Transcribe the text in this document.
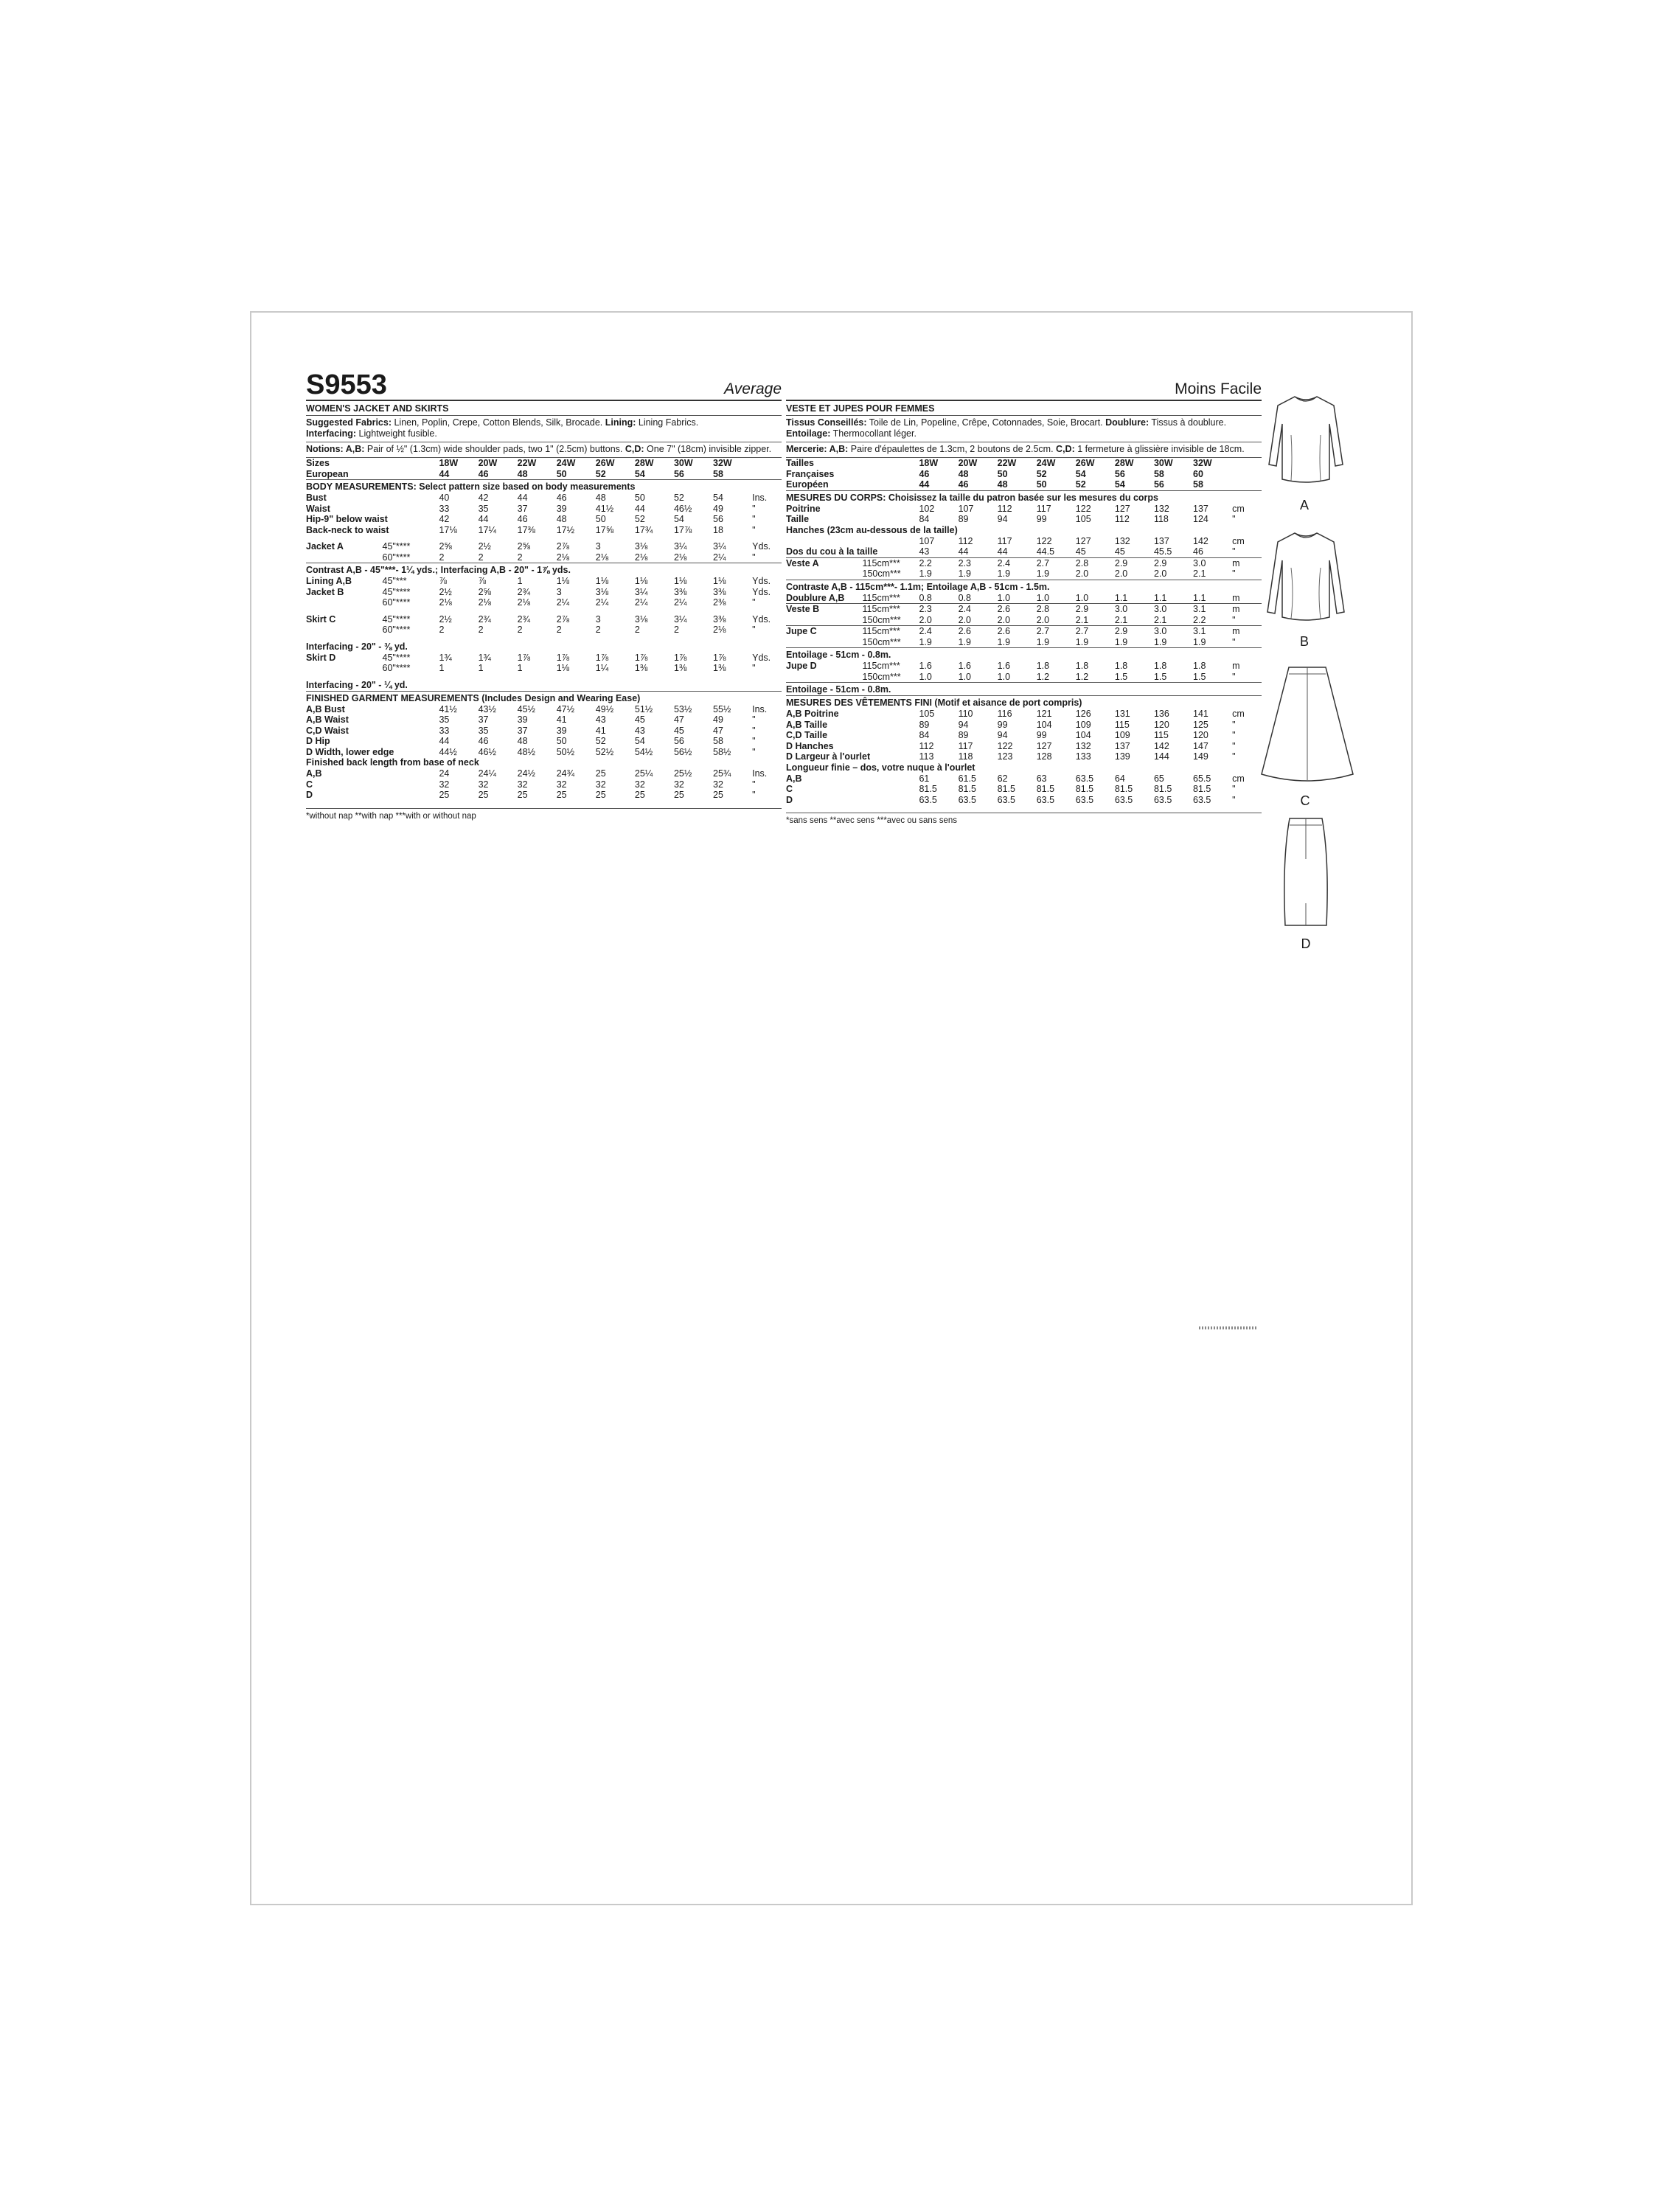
S9553	Average
WOMEN'S JACKET AND SKIRTS
Suggested Fabrics: Linen, Poplin, Crepe, Cotton Blends, Silk, Brocade. Lining: Lining Fabrics.
Interfacing: Lightweight fusible.
Notions: A,B: Pair of ½" (1.3cm) wide shoulder pads, two 1" (2.5cm) buttons. C,D: One 7" (18cm) invisible zipper.
Sizes	18W	20W	22W	24W	26W	28W	30W	32W	
European	44	46	48	50	52	54	56	58	
BODY MEASUREMENTS: Select pattern size based on body measurements
Bust	40	42	44	46	48	50	52	54	Ins.
Waist	33	35	37	39	41½	44	46½	49	"
Hip-9" below waist	42	44	46	48	50	52	54	56	"
Back-neck to waist	17⅛	17¼	17⅜	17½	17⅝	17¾	17⅞	18	"
Jacket A	45"****	2⅝	2½	2⅝	2⅞	3	3⅛	3¼	3¼	Yds.
	60"****	2	2	2	2⅛	2⅛	2⅛	2⅛	2¼	"
Contrast A,B - 45"***- 1¼ yds.; Interfacing A,B - 20" - 1⅞ yds.
Lining A,B	45"***	⅞	⅞	1	1⅛	1⅛	1⅛	1⅛	1⅛	Yds.
Jacket B	45"****	2½	2⅝	2¾	3	3⅛	3¼	3⅜	3⅜	Yds.
	60"****	2⅛	2⅛	2⅛	2¼	2¼	2¼	2¼	2⅜	"
Skirt C	45"****	2½	2¾	2¾	2⅞	3	3⅛	3¼	3⅜	Yds.
	60"****	2	2	2	2	2	2	2	2⅛	"
Interfacing - 20" - ⅜ yd.
Skirt D	45"****	1¾	1¾	1⅞	1⅞	1⅞	1⅞	1⅞	1⅞	Yds.
	60"****	1	1	1	1⅛	1¼	1⅜	1⅜	1⅜	"
Interfacing - 20" - ¼ yd.
FINISHED GARMENT MEASUREMENTS (Includes Design and Wearing Ease)
A,B Bust	41½	43½	45½	47½	49½	51½	53½	55½	Ins.
A,B Waist	35	37	39	41	43	45	47	49	"
C,D Waist	33	35	37	39	41	43	45	47	"
D Hip	44	46	48	50	52	54	56	58	"
D Width, lower edge	44½	46½	48½	50½	52½	54½	56½	58½	"
Finished back length from base of neck
A,B	24	24¼	24½	24¾	25	25¼	25½	25¾	Ins.
C	32	32	32	32	32	32	32	32	"
D	25	25	25	25	25	25	25	25	"
*without nap **with nap ***with or without nap
Moins Facile
VESTE ET JUPES POUR FEMMES
Tissus Conseillés: Toile de Lin, Popeline, Crêpe, Cotonnades, Soie, Brocart. Doublure: Tissus à doublure. Entoilage: Thermocollant léger.
Mercerie: A,B: Paire d'épaulettes de 1.3cm, 2 boutons de 2.5cm. C,D: 1 fermeture à glissière invisible de 18cm.
Tailles	18W	20W	22W	24W	26W	28W	30W	32W	
Françaises	46	48	50	52	54	56	58	60	
Européen	44	46	48	50	52	54	56	58	
MESURES DU CORPS: Choisissez la taille du patron basée sur les mesures du corps
Poitrine	102	107	112	117	122	127	132	137	cm
Taille	84	89	94	99	105	112	118	124	"
Hanches (23cm au-dessous de la taille)
	107	112	117	122	127	132	137	142	cm
Dos du cou à la taille	43	44	44	44.5	45	45	45.5	46	"
Veste A	115cm***	2.2	2.3	2.4	2.7	2.8	2.9	2.9	3.0	m
	150cm***	1.9	1.9	1.9	1.9	2.0	2.0	2.0	2.1	"
Contraste A,B - 115cm***- 1.1m; Entoilage A,B - 51cm - 1.5m.
Doublure A,B	115cm***	0.8	0.8	1.0	1.0	1.0	1.1	1.1	1.1	m
Veste B	115cm***	2.3	2.4	2.6	2.8	2.9	3.0	3.0	3.1	m
	150cm***	2.0	2.0	2.0	2.0	2.1	2.1	2.1	2.2	"
Jupe C	115cm***	2.4	2.6	2.6	2.7	2.7	2.9	3.0	3.1	m
	150cm***	1.9	1.9	1.9	1.9	1.9	1.9	1.9	1.9	"
Entoilage - 51cm - 0.8m.
Jupe D	115cm***	1.6	1.6	1.6	1.8	1.8	1.8	1.8	1.8	m
	150cm***	1.0	1.0	1.0	1.2	1.2	1.5	1.5	1.5	"
Entoilage - 51cm - 0.8m.
MESURES DES VÊTEMENTS FINI (Motif et aisance de port compris)
A,B Poitrine	105	110	116	121	126	131	136	141	cm
A,B Taille	89	94	99	104	109	115	120	125	"
C,D Taille	84	89	94	99	104	109	115	120	"
D Hanches	112	117	122	127	132	137	142	147	"
D Largeur à l'ourlet	113	118	123	128	133	139	144	149	"
Longueur finie – dos, votre nuque à l'ourlet
A,B	61	61.5	62	63	63.5	64	65	65.5	cm
C	81.5	81.5	81.5	81.5	81.5	81.5	81.5	81.5	"
D	63.5	63.5	63.5	63.5	63.5	63.5	63.5	63.5	"
*sans sens **avec sens ***avec ou sans sens
A
B
C
D
